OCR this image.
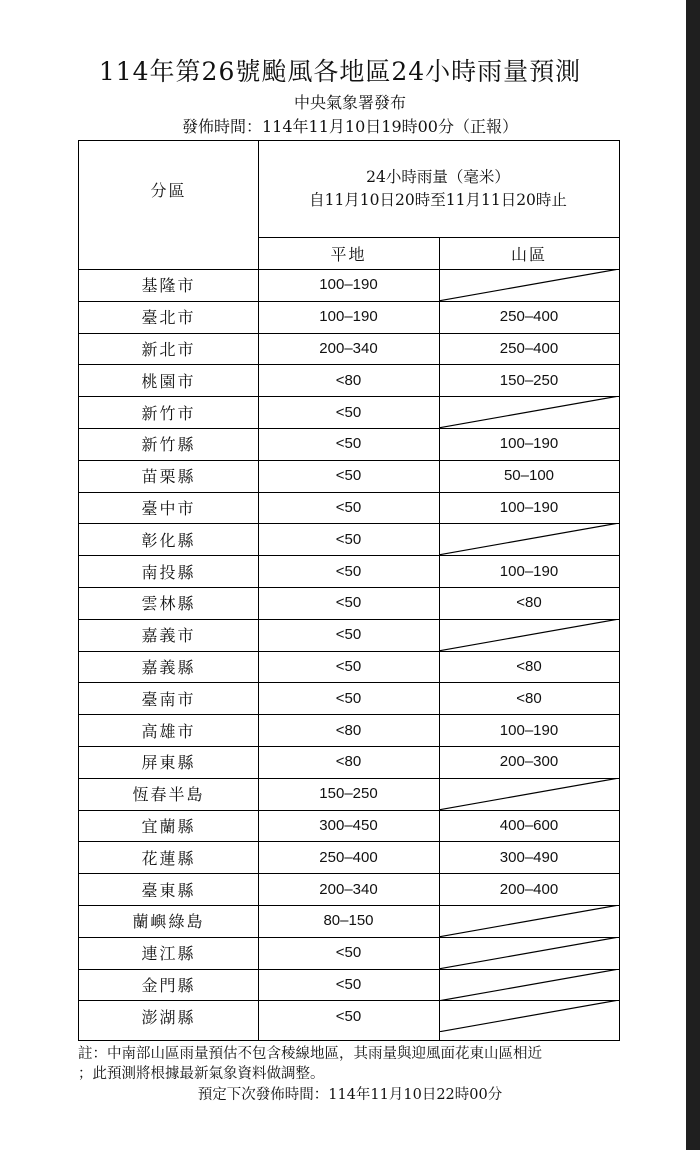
114年第26號颱風各地區24小時雨量預測
中央氣象署發布
發佈時間：114年11月10日19時00分（正報）
分區
24小時雨量（毫米）
自11月10日20時至11月11日20時止
平地	山區
基隆市	100–190
臺北市	100–190	250–400
新北市	200–340	250–400
桃園市	<80	150–250
新竹市	<50
新竹縣	<50	100–190
苗栗縣	<50	50–100
臺中市	<50	100–190
彰化縣	<50
南投縣	<50	100–190
雲林縣	<50	<80
嘉義市	<50
嘉義縣	<50	<80
臺南市	<50	<80
高雄市	<80	100–190
屏東縣	<80	200–300
恆春半島	150–250
宜蘭縣	300–450	400–600
花蓮縣	250–400	300–490
臺東縣	200–340	200–400
蘭嶼綠島	80–150
連江縣	<50
金門縣	<50
澎湖縣	<50
註：中南部山區雨量預估不包含稜線地區，其雨量與迎風面花東山區相近
；此預測將根據最新氣象資料做調整。
預定下次發佈時間：114年11月10日22時00分
